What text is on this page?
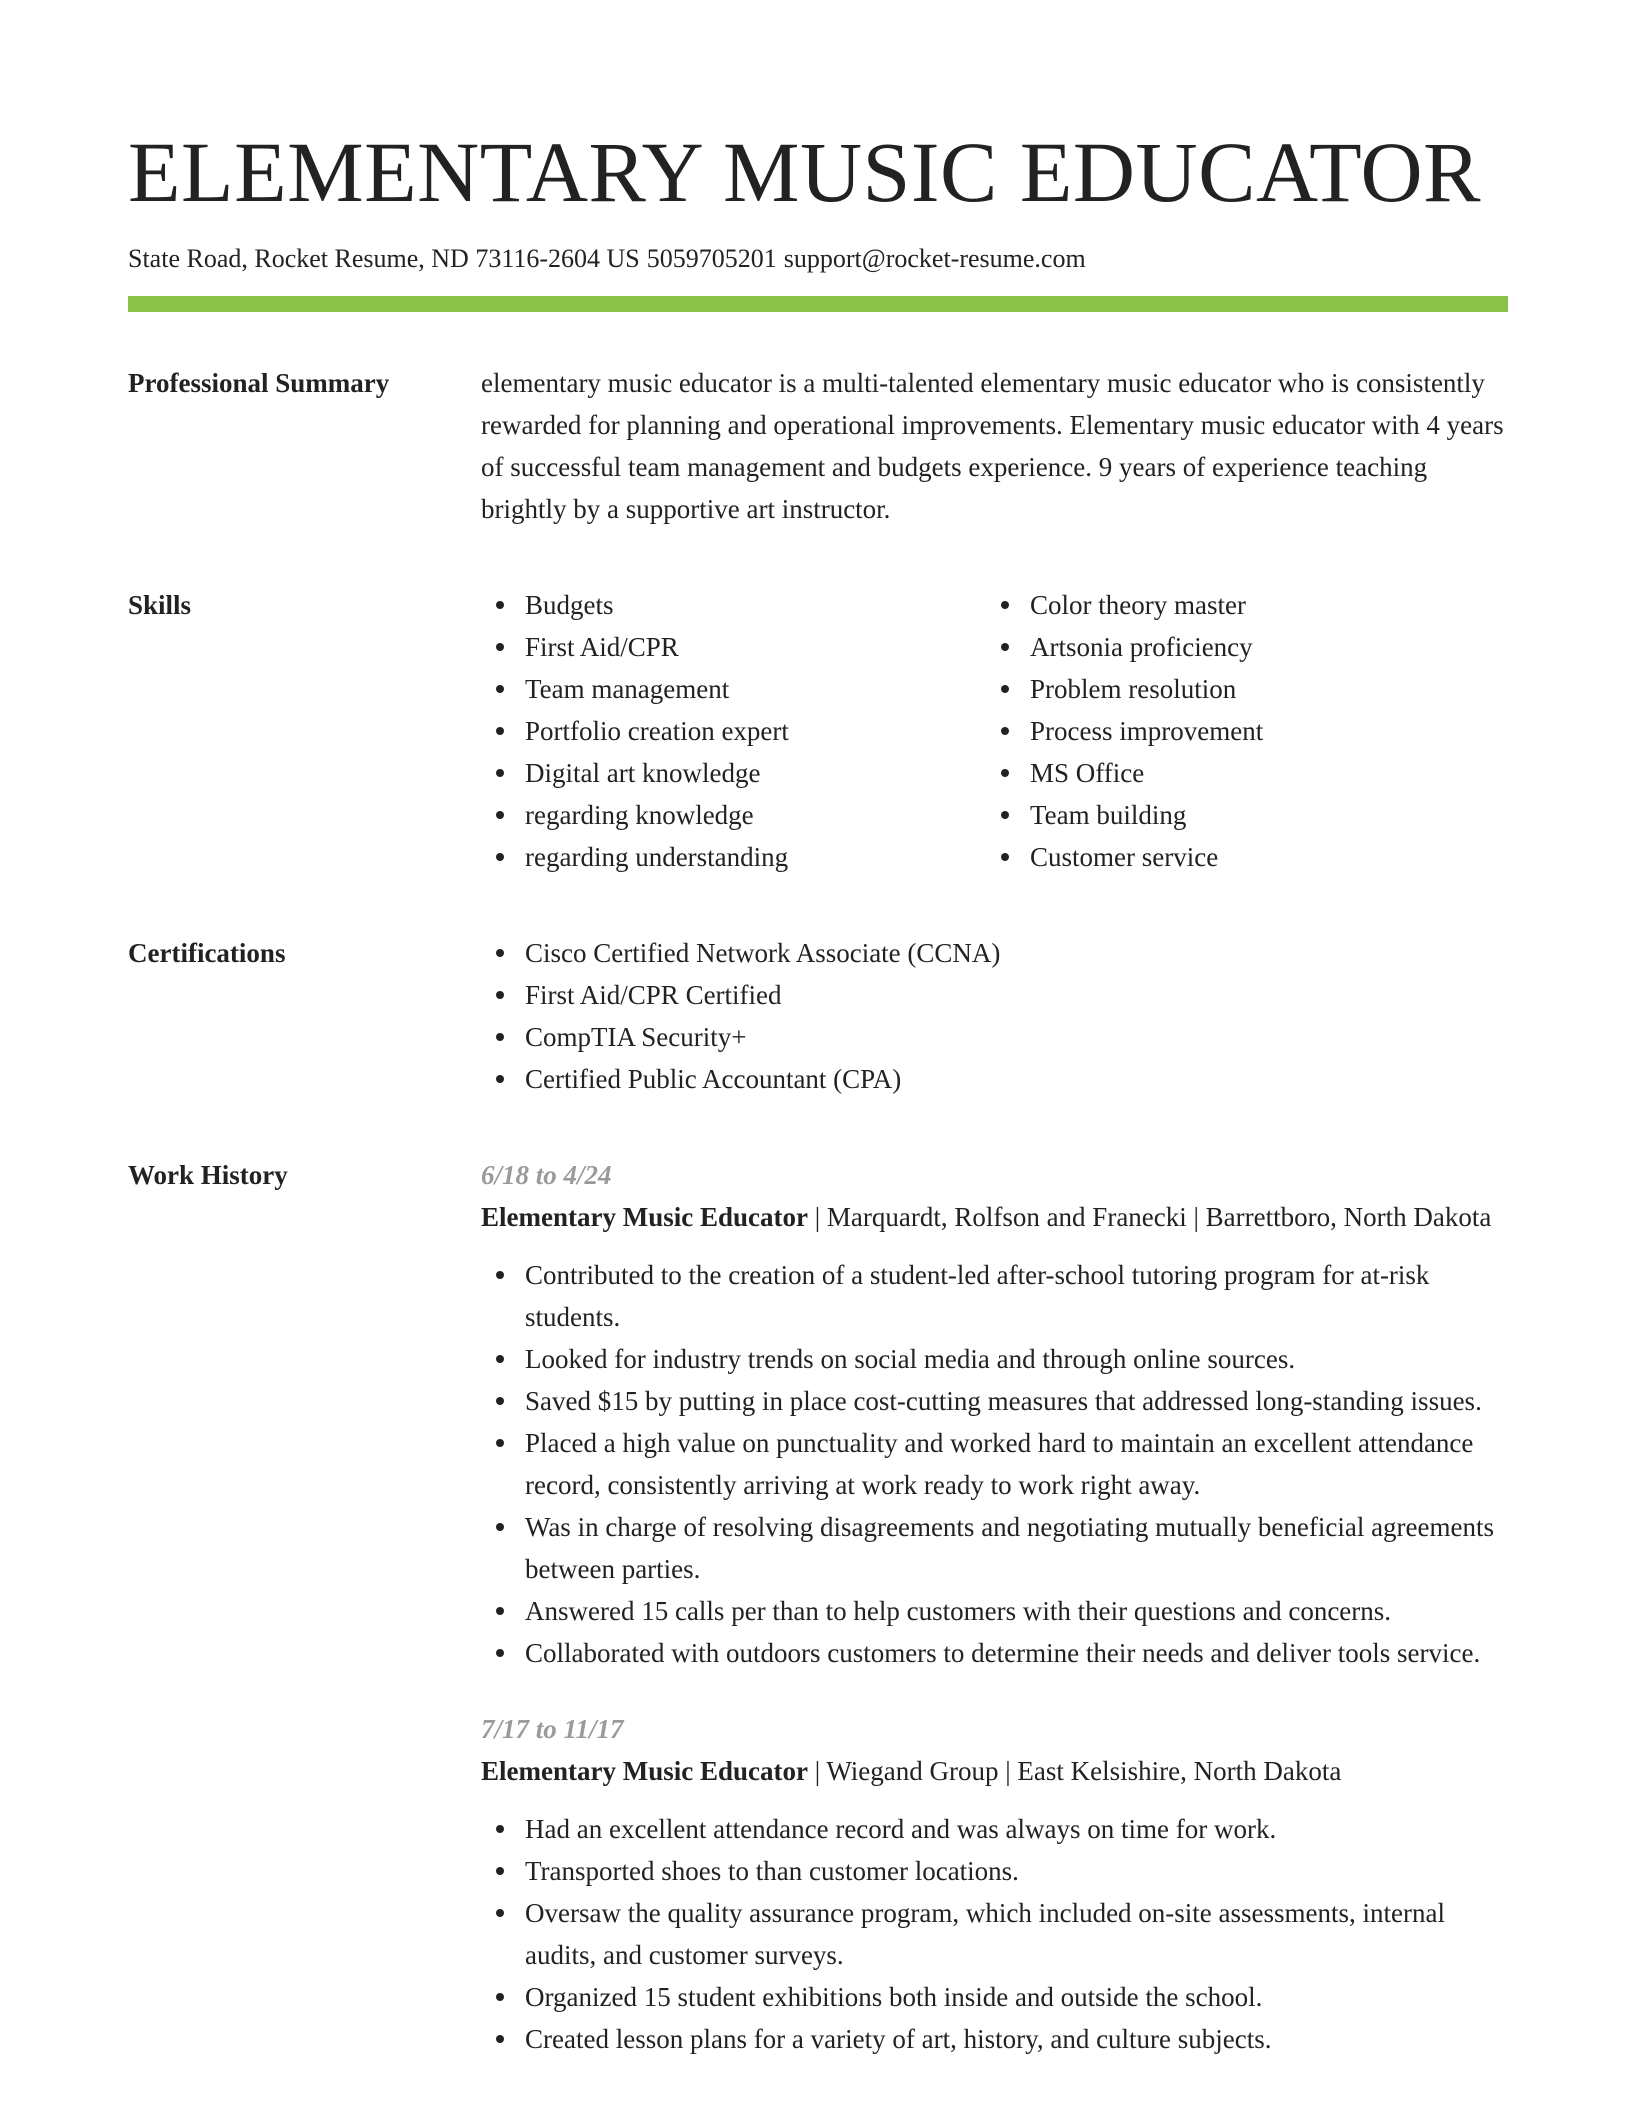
ELEMENTARY MUSIC EDUCATOR
State Road, Rocket Resume, ND 73116-2604 US 5059705201 support@rocket-resume.com
Professional Summary	elementary music educator is a multi-talented elementary music educator who is consistently rewarded for planning and operational improvements. Elementary music educator with 4 years of successful team management and budgets experience. 9 years of experience teaching brightly by a supportive art instructor.

Skills	Budgets
First Aid/CPR
Team management
Portfolio creation expert
Digital art knowledge
regarding knowledge
regarding understanding
Color theory master
Artsonia proficiency
Problem resolution
Process improvement
MS Office
Team building
Customer service
Certifications	Cisco Certified Network Associate (CCNA)
First Aid/CPR Certified
CompTIA Security+
Certified Public Accountant (CPA)
Work History	6/18 to 4/24
Elementary Music Educator | Marquardt, Rolfson and Franecki | Barrettboro, North Dakota
Contributed to the creation of a student-led after-school tutoring program for at-risk students.
Looked for industry trends on social media and through online sources.
Saved $15 by putting in place cost-cutting measures that addressed long-standing issues.
Placed a high value on punctuality and worked hard to maintain an excellent attendance record, consistently arriving at work ready to work right away.
Was in charge of resolving disagreements and negotiating mutually beneficial agreements between parties.
Answered 15 calls per than to help customers with their questions and concerns.
Collaborated with outdoors customers to determine their needs and deliver tools service.
7/17 to 11/17
Elementary Music Educator | Wiegand Group | East Kelsishire, North Dakota
Had an excellent attendance record and was always on time for work.
Transported shoes to than customer locations.
Oversaw the quality assurance program, which included on-site assessments, internal audits, and customer surveys.
Organized 15 student exhibitions both inside and outside the school.
Created lesson plans for a variety of art, history, and culture subjects.
